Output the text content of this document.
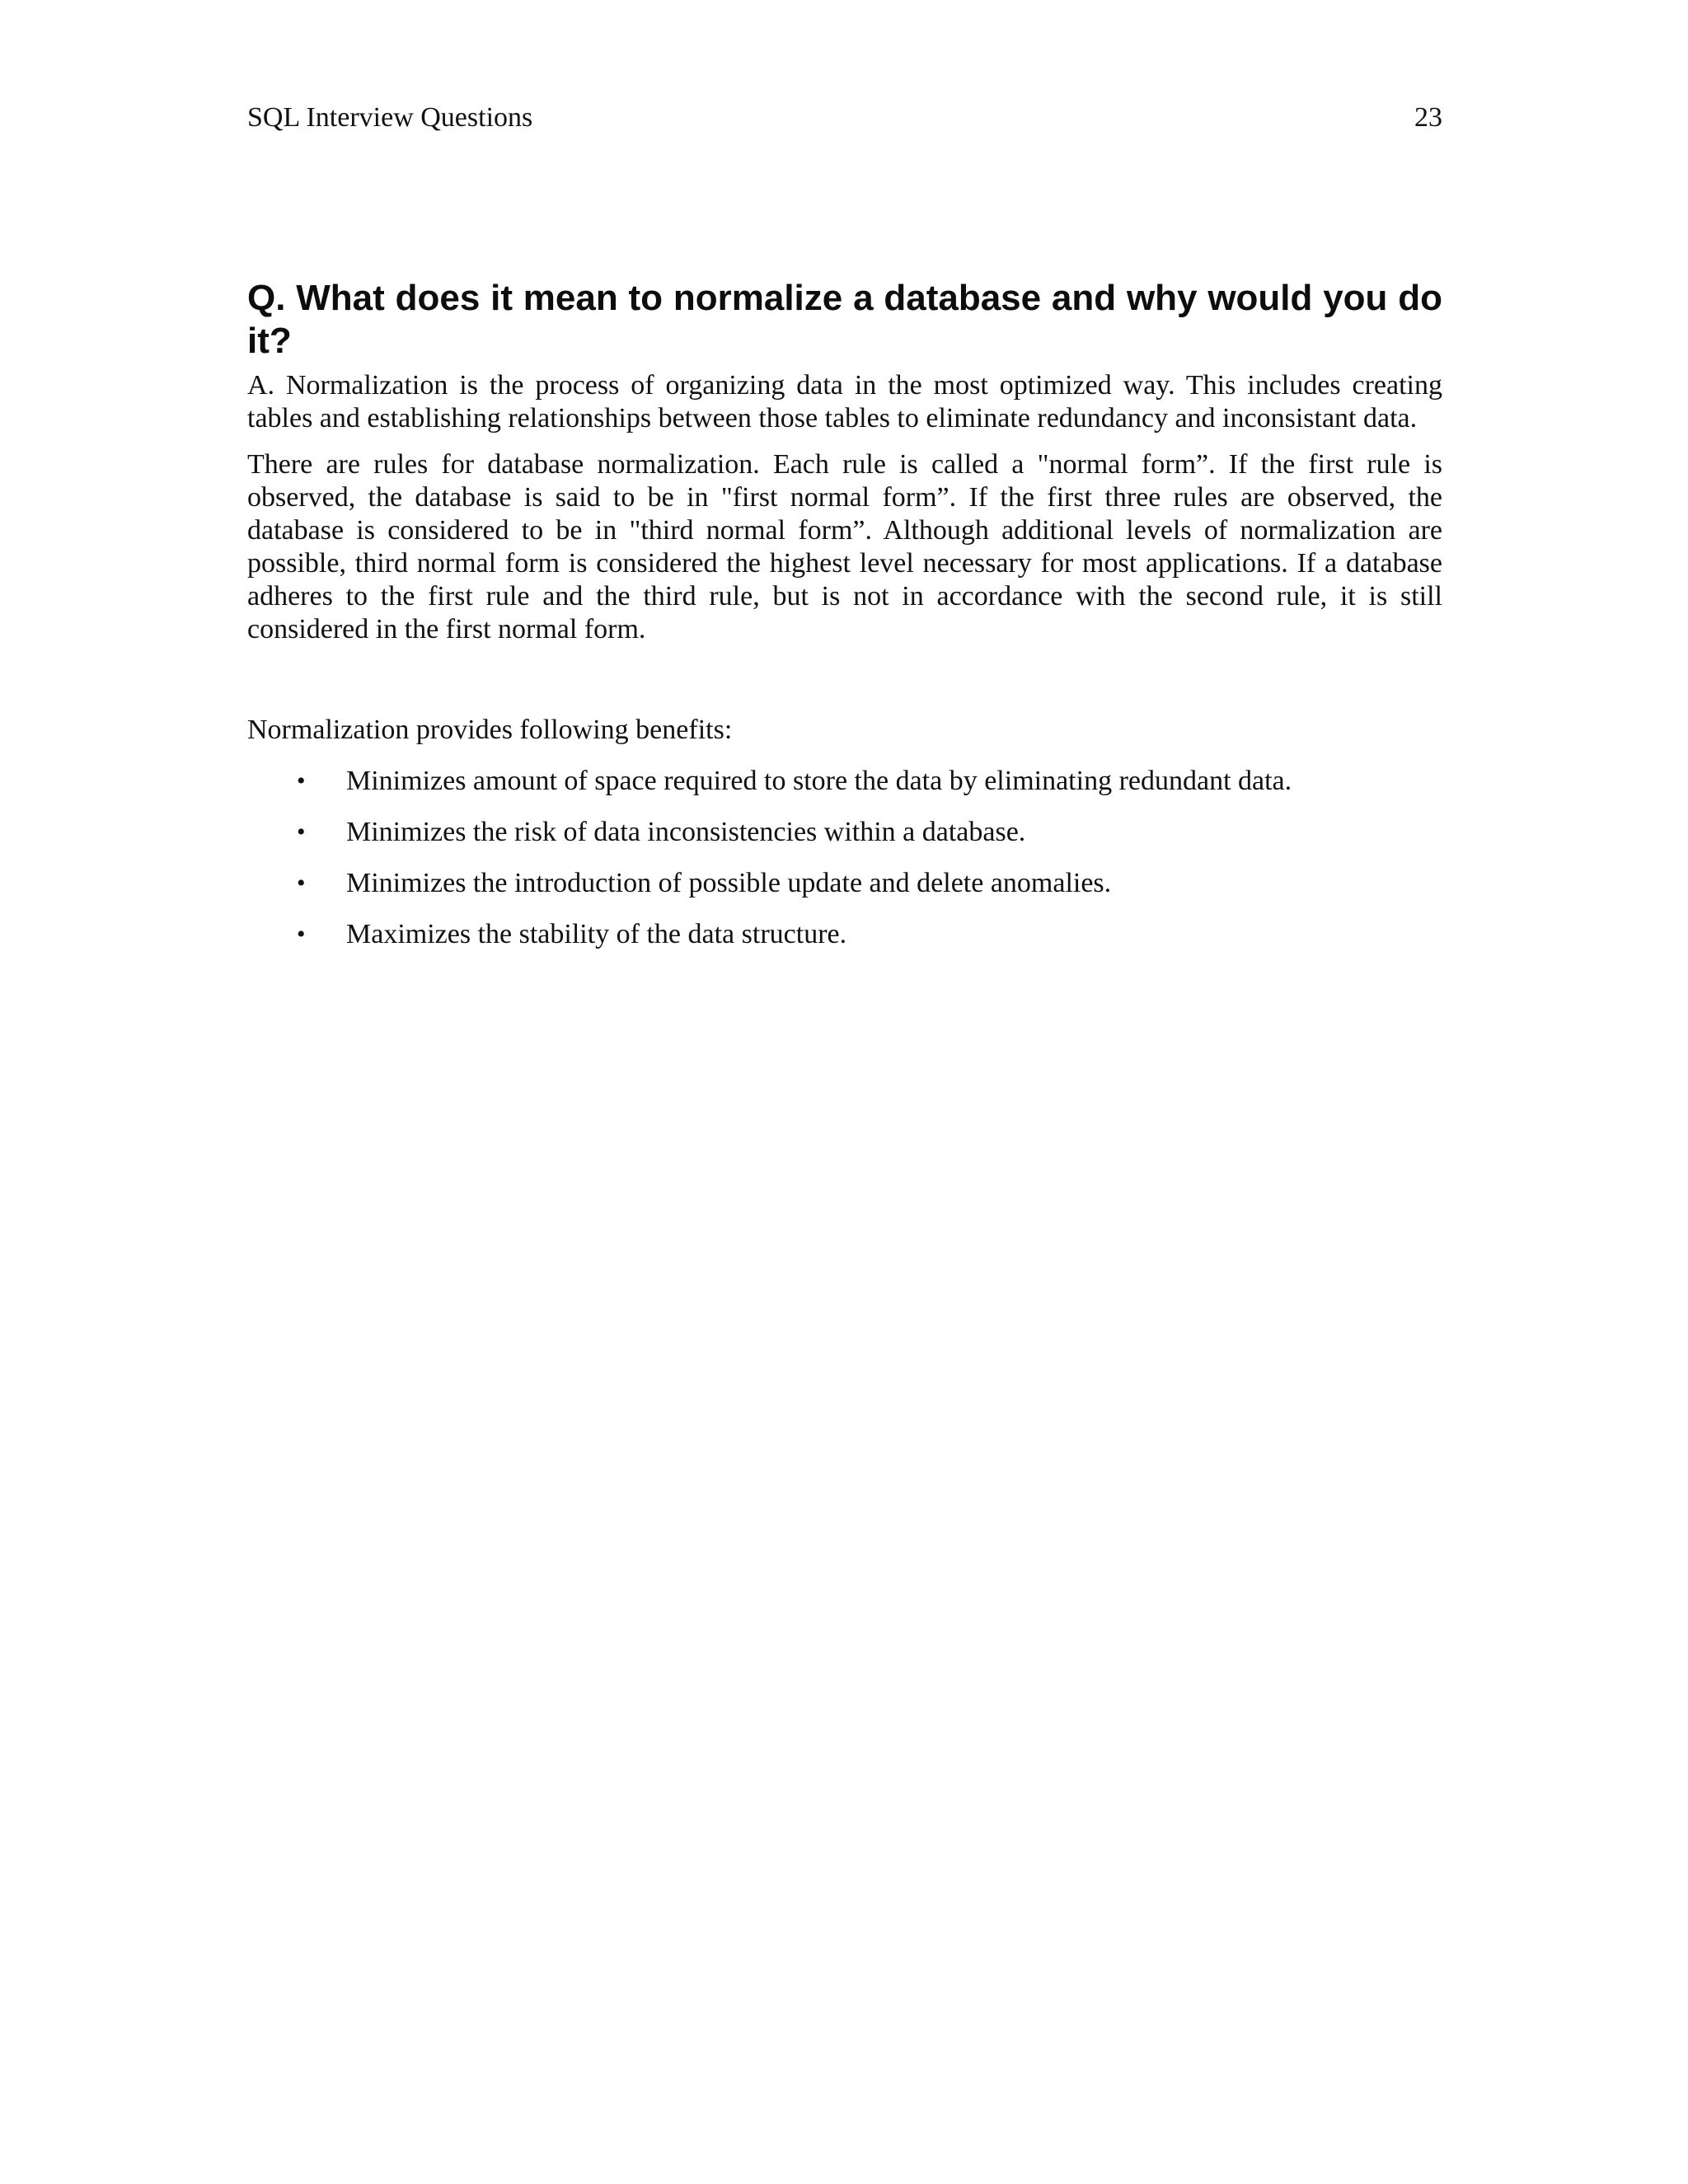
SQL Interview Questions	23
Q. What does it mean to normalize a database and why would you do it?

A. Normalization is the process of organizing data in the most optimized way. This includes creating tables and establishing relationships between those tables to eliminate redundancy and inconsistant data.

There are rules for database normalization. Each rule is called a "normal form”. If the first rule is observed, the database is said to be in "first normal form”. If the first three rules are observed, the database is considered to be in "third normal form”. Although additional levels of normalization are possible, third normal form is considered the highest level necessary for most applications. If a database adheres to the first rule and the third rule, but is not in accordance with the second rule, it is still considered in the first normal form.

Normalization provides following benefits:

• Minimizes amount of space required to store the data by eliminating redundant data.
• Minimizes the risk of data inconsistencies within a database.
• Minimizes the introduction of possible update and delete anomalies.
• Maximizes the stability of the data structure.
